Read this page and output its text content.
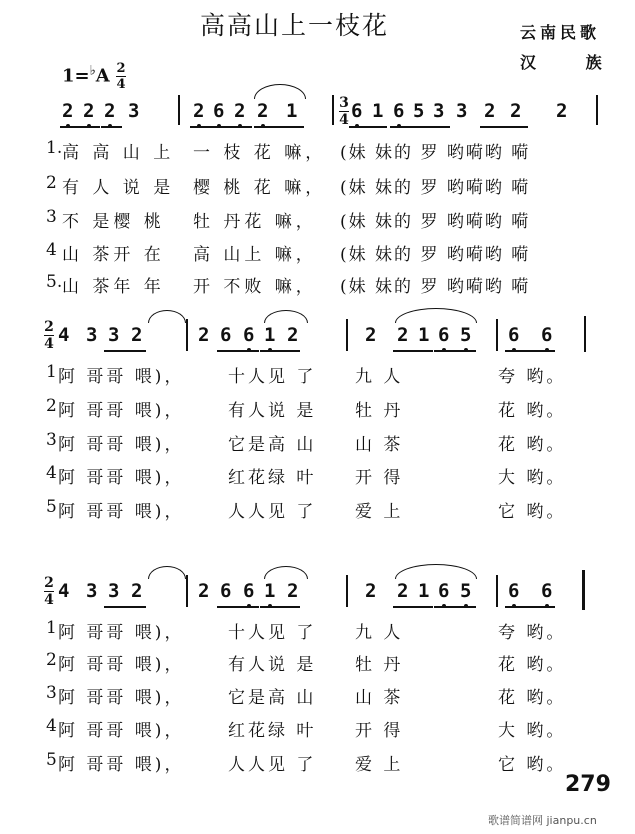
高高山上一枝花	云南民歌
汉 族
$1=^♭A \frac{2}{4}$
2 2 2 3	2 6 2 2 1	6 1 6 5 3 3 2 2 2
3
4
1. 高 高 山 上 一 枝 花 嘛， (妹 妹的 罗 哟嗬哟 嗬
2 有 人 说 是 樱 桃 花 嘛， (妹 妹的 罗 哟嗬哟 嗬
3 不 是樱 桃 牡 丹花 嘛， (妹 妹的 罗 哟嗬哟 嗬
4 山 茶开 在 高 山上 嘛， (妹 妹的 罗 哟嗬哟 嗬
5. 山 茶年 年 开 不败 嘛， (妹 妹的 罗 哟嗬哟 嗬
4 3 3 2	2 6 6 1 2	2 2 1 6 5 6 6
2
4
1 阿 哥哥 喂)，	十人见 了 九 人	夸 哟。
2 阿 哥哥 喂)，	有人说 是 牡 丹	花 哟。
3 阿 哥哥 喂)，	它是高 山 山 茶	花 哟。
4 阿 哥哥 喂)，	红花绿 叶 开 得	大 哟。
5 阿 哥哥 喂)，	人人见 了 爱 上	它 哟。
4 3 3 2	2 6 6 1 2	2 2 1 6 5 6 6
2
4
1 阿 哥哥 喂)，	十人见 了 九 人	夸 哟。
2 阿 哥哥 喂)，	有人说 是 牡 丹	花 哟。
3 阿 哥哥 喂)，	它是高 山 山 茶	花 哟。
4 阿 哥哥 喂)，	红花绿 叶 开 得	大 哟。
5 阿 哥哥 喂)，	人人见 了 爱 上	它 哟。
279
歌谱简谱网 jianpu.cn
